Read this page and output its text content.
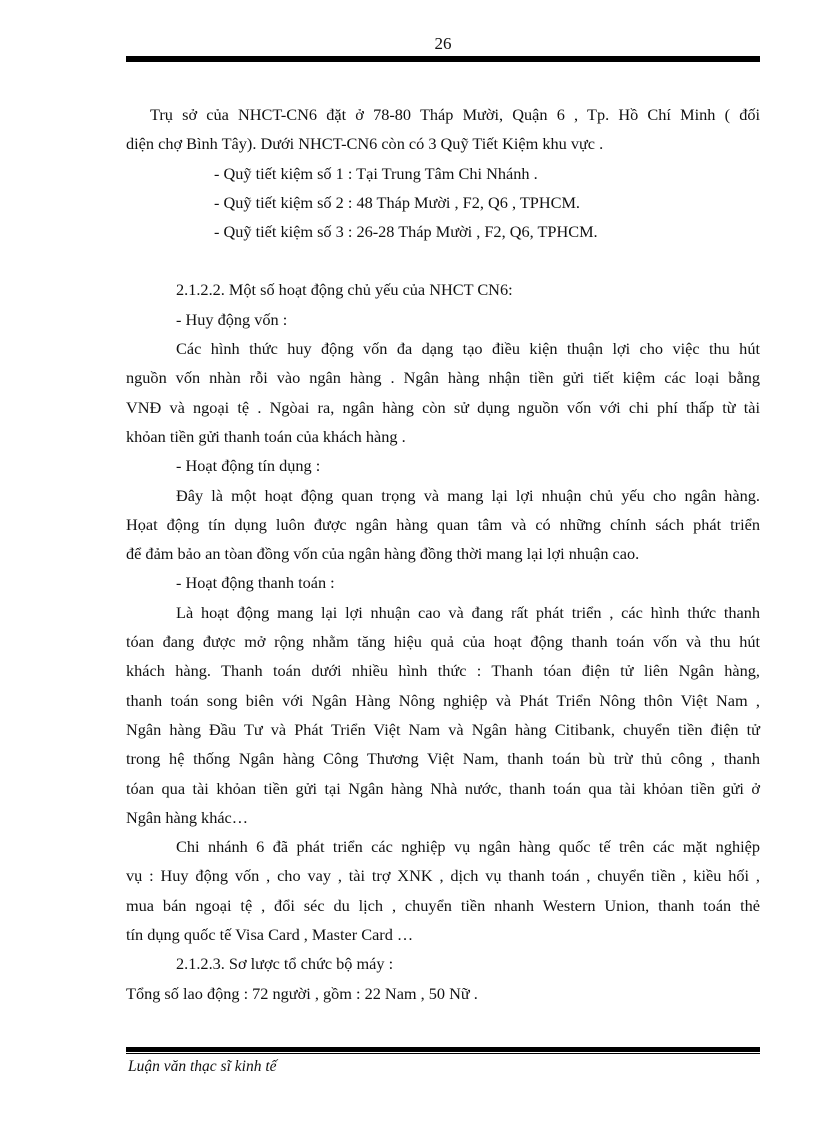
26

Trụ sở của NHCT-CN6 đặt ở 78-80 Tháp Mười, Quận 6 , Tp. Hồ Chí Minh ( đối

diện chợ Bình Tây). Dưới NHCT-CN6 còn có 3 Quỹ Tiết Kiệm khu vực .

- Quỹ tiết kiệm số 1 : Tại Trung Tâm Chi Nhánh .

- Quỹ tiết kiệm số 2 : 48 Tháp Mười , F2, Q6 , TPHCM.

- Quỹ tiết kiệm số 3 : 26-28 Tháp Mười , F2, Q6, TPHCM.

2.1.2.2. Một số hoạt động chủ yếu của NHCT CN6:

- Huy động vốn :

Các hình thức huy động vốn đa dạng tạo điều kiện thuận lợi cho việc thu hút

nguồn vốn nhàn rỗi vào ngân hàng . Ngân hàng nhận tiền gửi tiết kiệm các loại bằng

VNĐ và ngoại tệ . Ngòai ra, ngân hàng còn sử dụng nguồn vốn với chi phí thấp từ tài

khỏan tiền gửi thanh toán của khách hàng .

- Hoạt động tín dụng :

Đây là một hoạt động quan trọng và mang lại lợi nhuận chủ yếu cho ngân hàng.

Họat động tín dụng luôn được ngân hàng quan tâm và có những chính sách phát triển

để đảm bảo an tòan đồng vốn của ngân hàng đồng thời mang lại lợi nhuận cao.

- Hoạt động thanh toán :

Là hoạt động mang lại lợi nhuận cao và đang rất phát triển , các hình thức thanh

tóan đang được mở rộng nhằm tăng hiệu quả của hoạt động thanh toán vốn và thu hút

khách hàng. Thanh toán dưới nhiều hình thức : Thanh tóan điện tử liên Ngân hàng,

thanh toán song biên với Ngân Hàng Nông nghiệp và Phát Triển Nông thôn Việt Nam ,

Ngân hàng Đầu Tư và Phát Triển Việt Nam và Ngân hàng Citibank, chuyển tiền điện tử

trong hệ thống Ngân hàng Công Thương Việt Nam, thanh toán bù trừ thủ công , thanh

tóan qua tài khỏan tiền gửi tại Ngân hàng Nhà nước, thanh toán qua tài khỏan tiền gửi ở

Ngân hàng khác…

Chi nhánh 6 đã phát triển các nghiệp vụ ngân hàng quốc tế trên các mặt nghiệp

vụ : Huy động vốn , cho vay , tài trợ XNK , dịch vụ thanh toán , chuyển tiền , kiều hối ,

mua bán ngoại tệ , đổi séc du lịch , chuyển tiền nhanh Western Union, thanh toán thẻ

tín dụng quốc tế Visa Card , Master Card …

2.1.2.3. Sơ lược tổ chức bộ máy :

Tổng số lao động : 72 người , gồm : 22 Nam , 50 Nữ .

Luận văn thạc sĩ kinh tế
